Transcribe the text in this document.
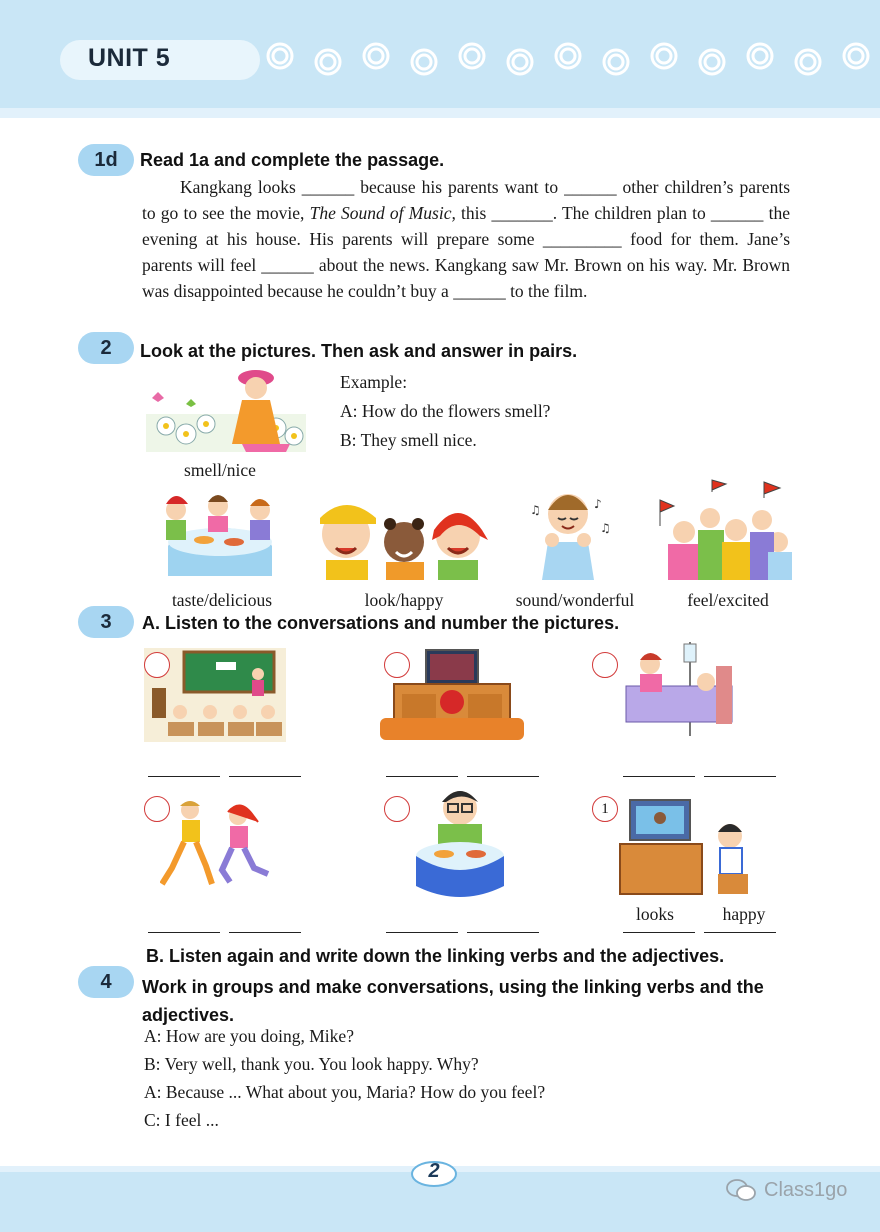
UNIT 5
1d	Read 1a and complete the passage.

Kangkang looks ______ because his parents want to ______ other children’s parents to go to see the movie, The Sound of Music, this _______. The children plan to ______ the evening at his house. His parents will prepare some _________ food for them. Jane’s parents will feel ______ about the news. Kangkang saw Mr. Brown on his way. Mr. Brown was disappointed because he couldn’t buy a ______ to the film.

2	Look at the pictures. Then ask and answer in pairs.
smell/nice
Example:
A: How do the flowers smell?
B: They smell nice.
♫	♪
♫
taste/delicious	look/happy	sound/wonderful	feel/excited
3	A. Listen to the conversations and number the pictures.
1
looks	happy
B. Listen again and write down the linking verbs and the adjectives.
4	Work in groups and make conversations, using the linking verbs and the adjectives.
A: How are you doing, Mike?
B: Very well, thank you. You look happy. Why?
A: Because ... What about you, Maria? How do you feel?
C: I feel ...
2
Class1go
